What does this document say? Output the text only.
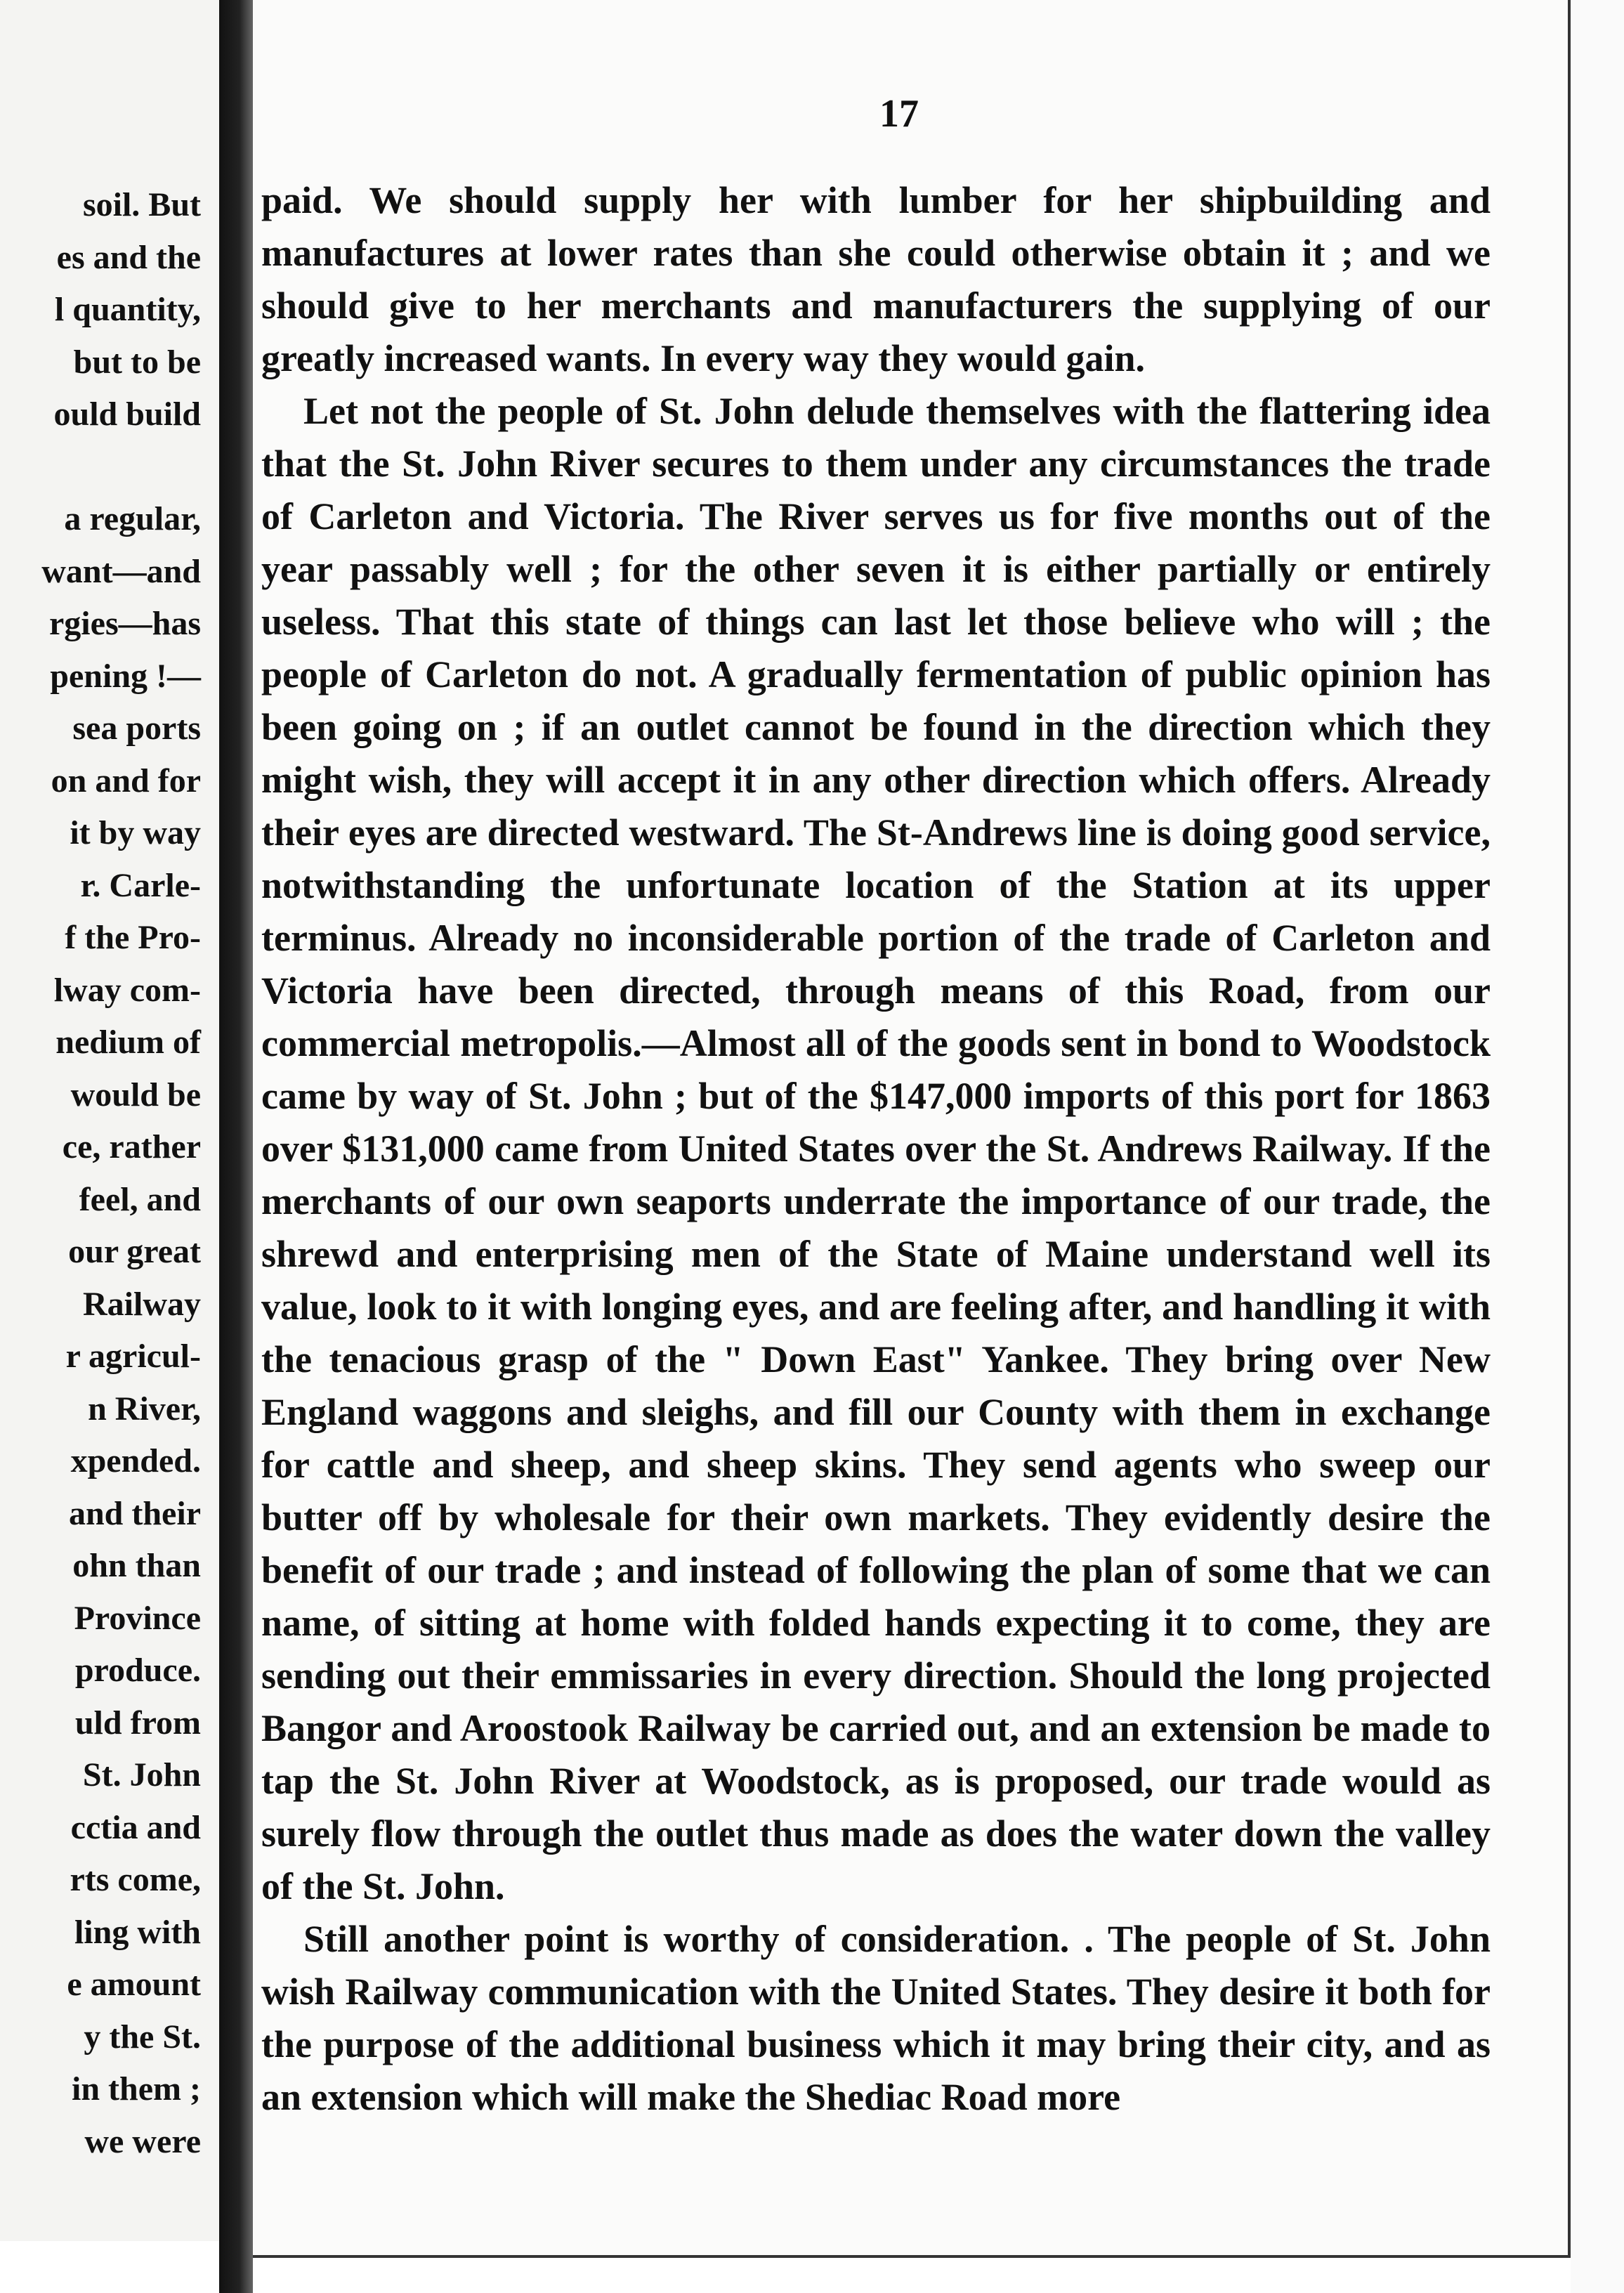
soil. But
es and the
l quantity,
but to be
ould build
a regular,
want—and
rgies—has
pening !—
sea ports
on and for
it by way
r. Carle-
f the Pro-
lway com-
nedium of
would be
ce, rather
feel, and
our great
Railway
r agricul-
n River,
xpended.
and their
ohn than
Province
produce.
uld from
St. John
cctia and
rts come,
ling with
e amount
y the St.
in them ;
we were
17

paid. We should supply her with lumber for her shipbuilding and manufactures at lower rates than she could otherwise obtain it ; and we should give to her merchants and manufacturers the supplying of our greatly increased wants. In every way they would gain.

Let not the people of St. John delude themselves with the flattering idea that the St. John River secures to them under any circumstances the trade of Carleton and Victoria. The River serves us for five months out of the year passably well ; for the other seven it is either partially or entirely useless. That this state of things can last let those believe who will ; the people of Carleton do not. A gradually fermentation of public opinion has been going on ; if an outlet cannot be found in the direction which they might wish, they will accept it in any other direction which offers. Already their eyes are directed westward. The St-Andrews line is doing good service, notwithstanding the unfortunate location of the Station at its upper terminus. Already no inconsiderable portion of the trade of Carleton and Victoria have been directed, through means of this Road, from our commercial metropolis.—Almost all of the goods sent in bond to Woodstock came by way of St. John ; but of the $147,000 imports of this port for 1863 over $131,000 came from United States over the St. Andrews Railway. If the merchants of our own seaports underrate the importance of our trade, the shrewd and enterprising men of the State of Maine understand well its value, look to it with longing eyes, and are feeling after, and handling it with the tenacious grasp of the " Down East" Yankee. They bring over New England waggons and sleighs, and fill our County with them in exchange for cattle and sheep, and sheep skins. They send agents who sweep our butter off by wholesale for their own markets. They evidently desire the benefit of our trade ; and instead of following the plan of some that we can name, of sitting at home with folded hands expecting it to come, they are sending out their emmissaries in every direction. Should the long projected Bangor and Aroostook Railway be carried out, and an extension be made to tap the St. John River at Woodstock, as is proposed, our trade would as surely flow through the outlet thus made as does the water down the valley of the St. John.

Still another point is worthy of consideration. . The people of St. John wish Railway communication with the United States. They desire it both for the purpose of the additional business which it may bring their city, and as an extension which will make the Shediac Road more
